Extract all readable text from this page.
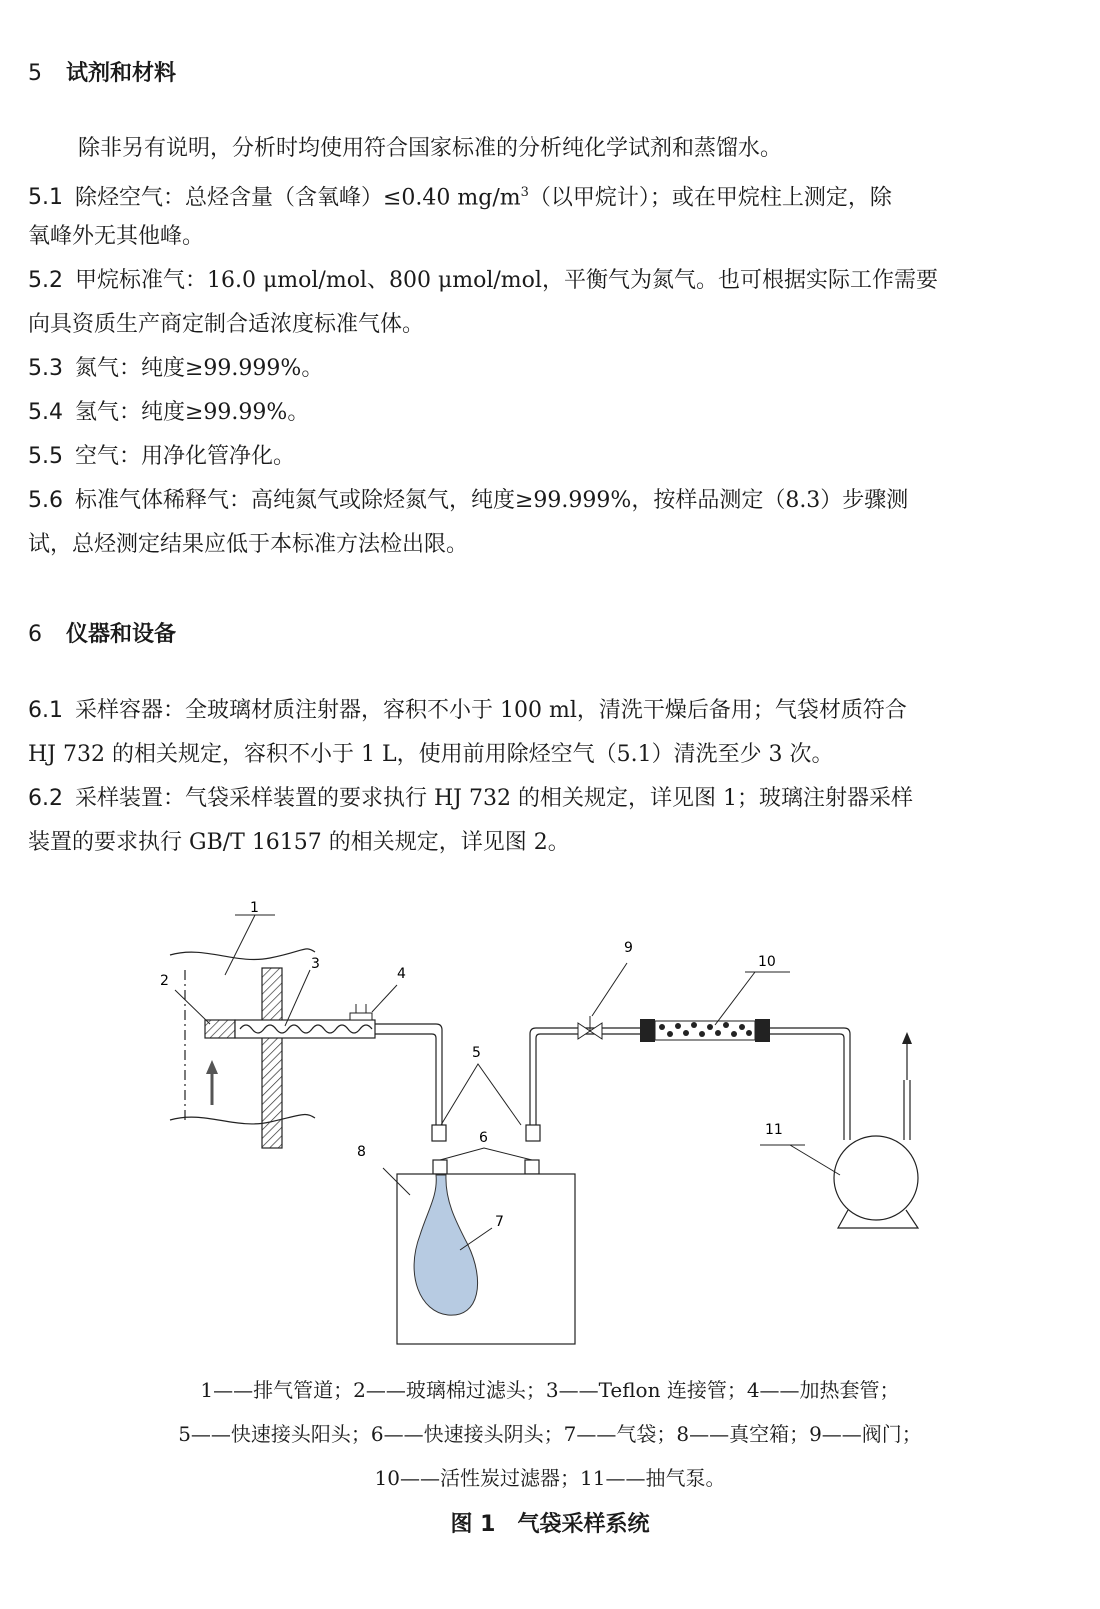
5 试剂和材料
除非另有说明，分析时均使用符合国家标准的分析纯化学试剂和蒸馏水。
5.1 除烃空气：总烃含量（含氧峰）≤0.40 $mg/m^3$（以甲烷计）；或在甲烷柱上测定，除
氧峰外无其他峰。
5.2 甲烷标准气：16.0 μmol/mol、800 μmol/mol，平衡气为氮气。也可根据实际工作需要
向具资质生产商定制合适浓度标准气体。
5.3 氮气：纯度≥99.999%。
5.4 氢气：纯度≥99.99%。
5.5 空气：用净化管净化。
5.6 标准气体稀释气：高纯氮气或除烃氮气，纯度≥99.999%，按样品测定（8.3）步骤测
试，总烃测定结果应低于本标准方法检出限。
6 仪器和设备
6.1 采样容器：全玻璃材质注射器，容积不小于 100 ml，清洗干燥后备用；气袋材质符合
HJ 732 的相关规定，容积不小于 1 L，使用前用除烃空气（5.1）清洗至少 3 次。
6.2 采样装置：气袋采样装置的要求执行 HJ 732 的相关规定，详见图 1；玻璃注射器采样
装置的要求执行 GB/T 16157 的相关规定，详见图 2。
1
2
3
4
5
6
7
8
9
10
11
1——排气管道；2——玻璃棉过滤头；3——Teflon 连接管；4——加热套管；
5——快速接头阳头；6——快速接头阴头；7——气袋；8——真空箱；9——阀门；
10——活性炭过滤器；11——抽气泵。
图 1　气袋采样系统
